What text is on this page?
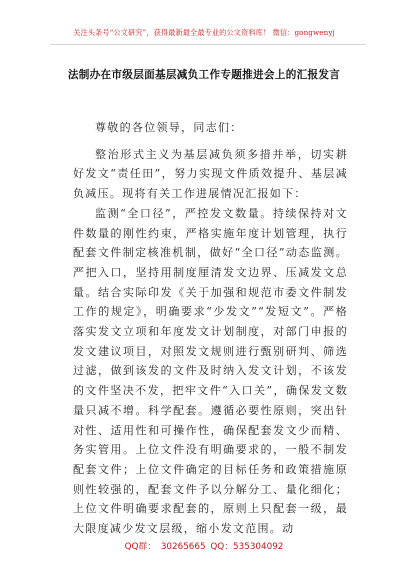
关注头条号“公文研究”，获得最新最全最专业的公文资料库！ 微信：gongwenyj
法制办在市级层面基层减负工作专题推进会上的汇报发言

尊敬的各位领导，同志们：

整治形式主义为基层减负须多措并举，切实耕好发文“责任田”，努力实现文件质效提升、基层减负减压。现将有关工作进展情况汇报如下：

监测“全口径”，严控发文数量。持续保持对文件数量的刚性约束，严格实施年度计划管理，执行配套文件制定核准机制，做好“全口径”动态监测。严把入口，坚持用制度厘清发文边界、压减发文总量。结合实际印发《关于加强和规范市委文件制发工作的规定》，明确要求“少发文”“发短文”。严格落实发文立项和年度发文计划制度，对部门申报的发文建议项目，对照发文规则进行甄别研判、筛选过滤，做到该发的文件及时纳入发文计划，不该发的文件坚决不发，把牢文件“入口关”，确保发文数量只减不增。科学配套。遵循必要性原则，突出针对性、适用性和可操作性，确保配套发文少而精、务实管用。上位文件没有明确要求的，一般不制发配套文件；上位文件确定的目标任务和政策措施原则性较强的，配套文件予以分解分工、量化细化；上位文件明确要求配套的，原则上只配套一级，最大限度减少发文层级，缩小发文范围。动

QQ群： 30265665 QQ：535304092
